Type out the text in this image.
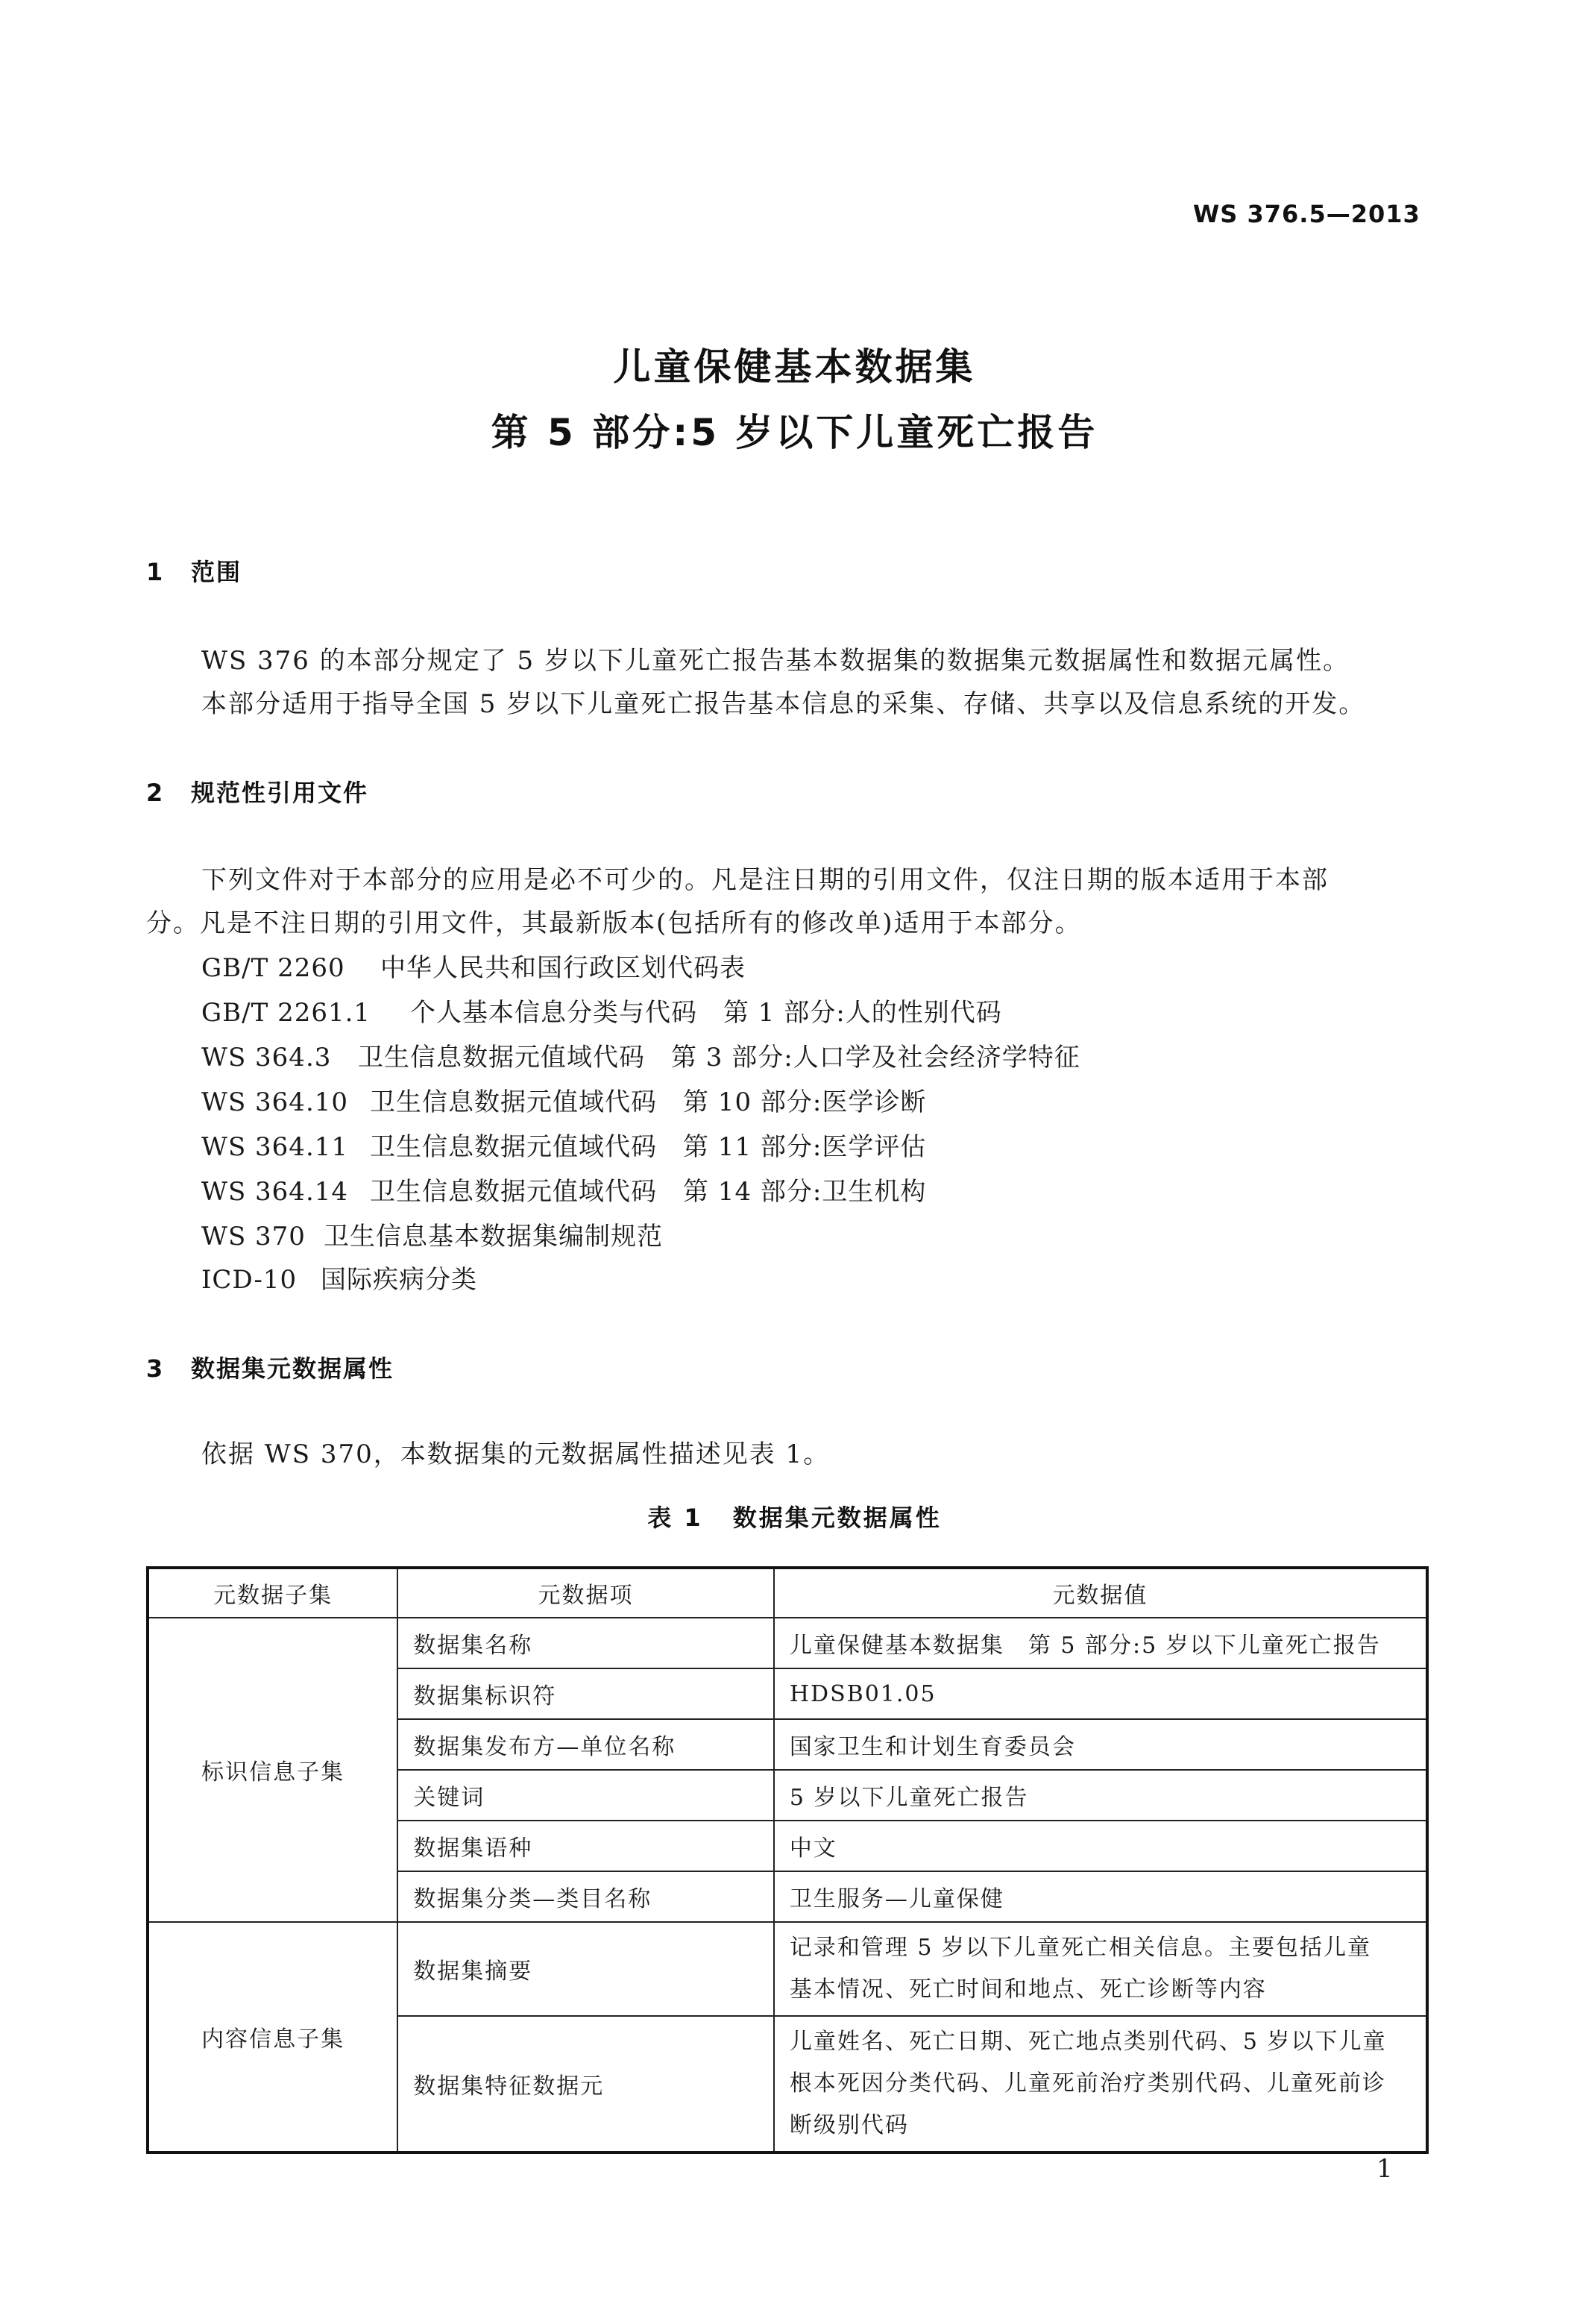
WS 376.5—2013
儿童保健基本数据集
第 5 部分:5 岁以下儿童死亡报告
1 范围
WS 376 的本部分规定了 5 岁以下儿童死亡报告基本数据集的数据集元数据属性和数据元属性。
本部分适用于指导全国 5 岁以下儿童死亡报告基本信息的采集、存储、共享以及信息系统的开发。
2 规范性引用文件
下列文件对于本部分的应用是必不可少的。凡是注日期的引用文件，仅注日期的版本适用于本部
分。凡是不注日期的引用文件，其最新版本(包括所有的修改单)适用于本部分。
GB/T 2260 中华人民共和国行政区划代码表
GB/T 2261.1 个人基本信息分类与代码　第 1 部分:人的性别代码
WS 364.3 卫生信息数据元值域代码　第 3 部分:人口学及社会经济学特征
WS 364.10 卫生信息数据元值域代码　第 10 部分:医学诊断
WS 364.11 卫生信息数据元值域代码　第 11 部分:医学评估
WS 364.14 卫生信息数据元值域代码　第 14 部分:卫生机构
WS 370 卫生信息基本数据集编制规范
ICD-10 国际疾病分类
3 数据集元数据属性
依据 WS 370，本数据集的元数据属性描述见表 1。
表 1 数据集元数据属性
元数据子集	元数据项	元数据值
标识信息子集	数据集名称	儿童保健基本数据集　第 5 部分:5 岁以下儿童死亡报告
	数据集标识符	HDSB01.05
	数据集发布方—单位名称	国家卫生和计划生育委员会
	关键词	5 岁以下儿童死亡报告
	数据集语种	中文
	数据集分类—类目名称	卫生服务—儿童保健
内容信息子集	数据集摘要	记录和管理 5 岁以下儿童死亡相关信息。主要包括儿童
基本情况、死亡时间和地点、死亡诊断等内容

	数据集特征数据元	儿童姓名、死亡日期、死亡地点类别代码、5 岁以下儿童
根本死因分类代码、儿童死前治疗类别代码、儿童死前诊
断级别代码
1
